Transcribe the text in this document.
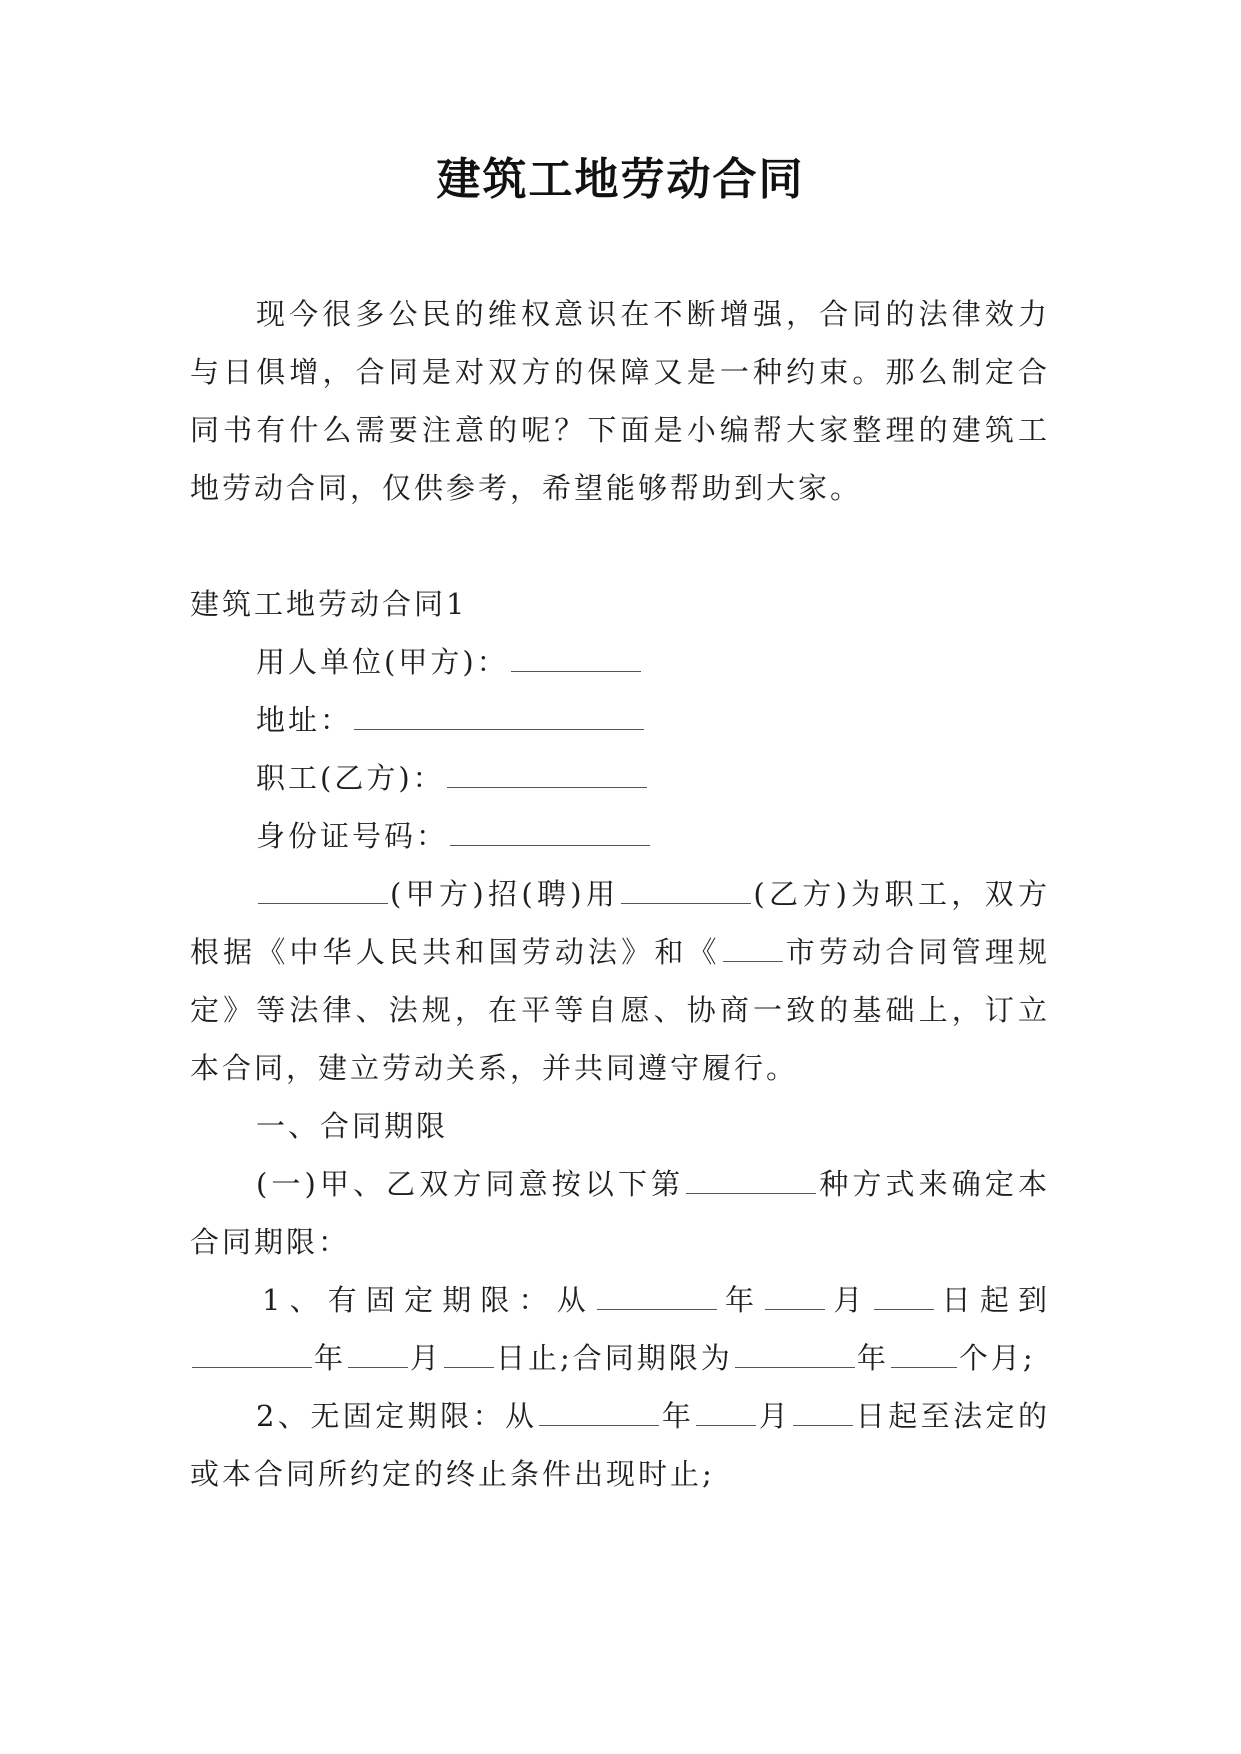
建筑工地劳动合同

现今很多公民的维权意识在不断增强，合同的法律效力与日俱增，合同是对双方的保障又是一种约束。那么制定合同书有什么需要注意的呢？下面是小编帮大家整理的建筑工地劳动合同，仅供参考，希望能够帮助到大家。

建筑工地劳动合同1

用人单位(甲方)：

地址：

职工(乙方)：

身份证号码：

(甲方)招(聘)用	(乙方)为职工，双方根据《中华人民共和国劳动法》和《 市劳动合同管理规定》等法律、法规，在平等自愿、协商一致的基础上，订立本合同，建立劳动关系，并共同遵守履行。

一、合同期限

(一)甲、乙双方同意按以下第	种方式来确定本合同期限：

1、有固定期限：从	年 月 日起到年 月 日止;合同期限为	年 个月;

2、无固定期限：从	年 月 日起至法定的或本合同所约定的终止条件出现时止;
